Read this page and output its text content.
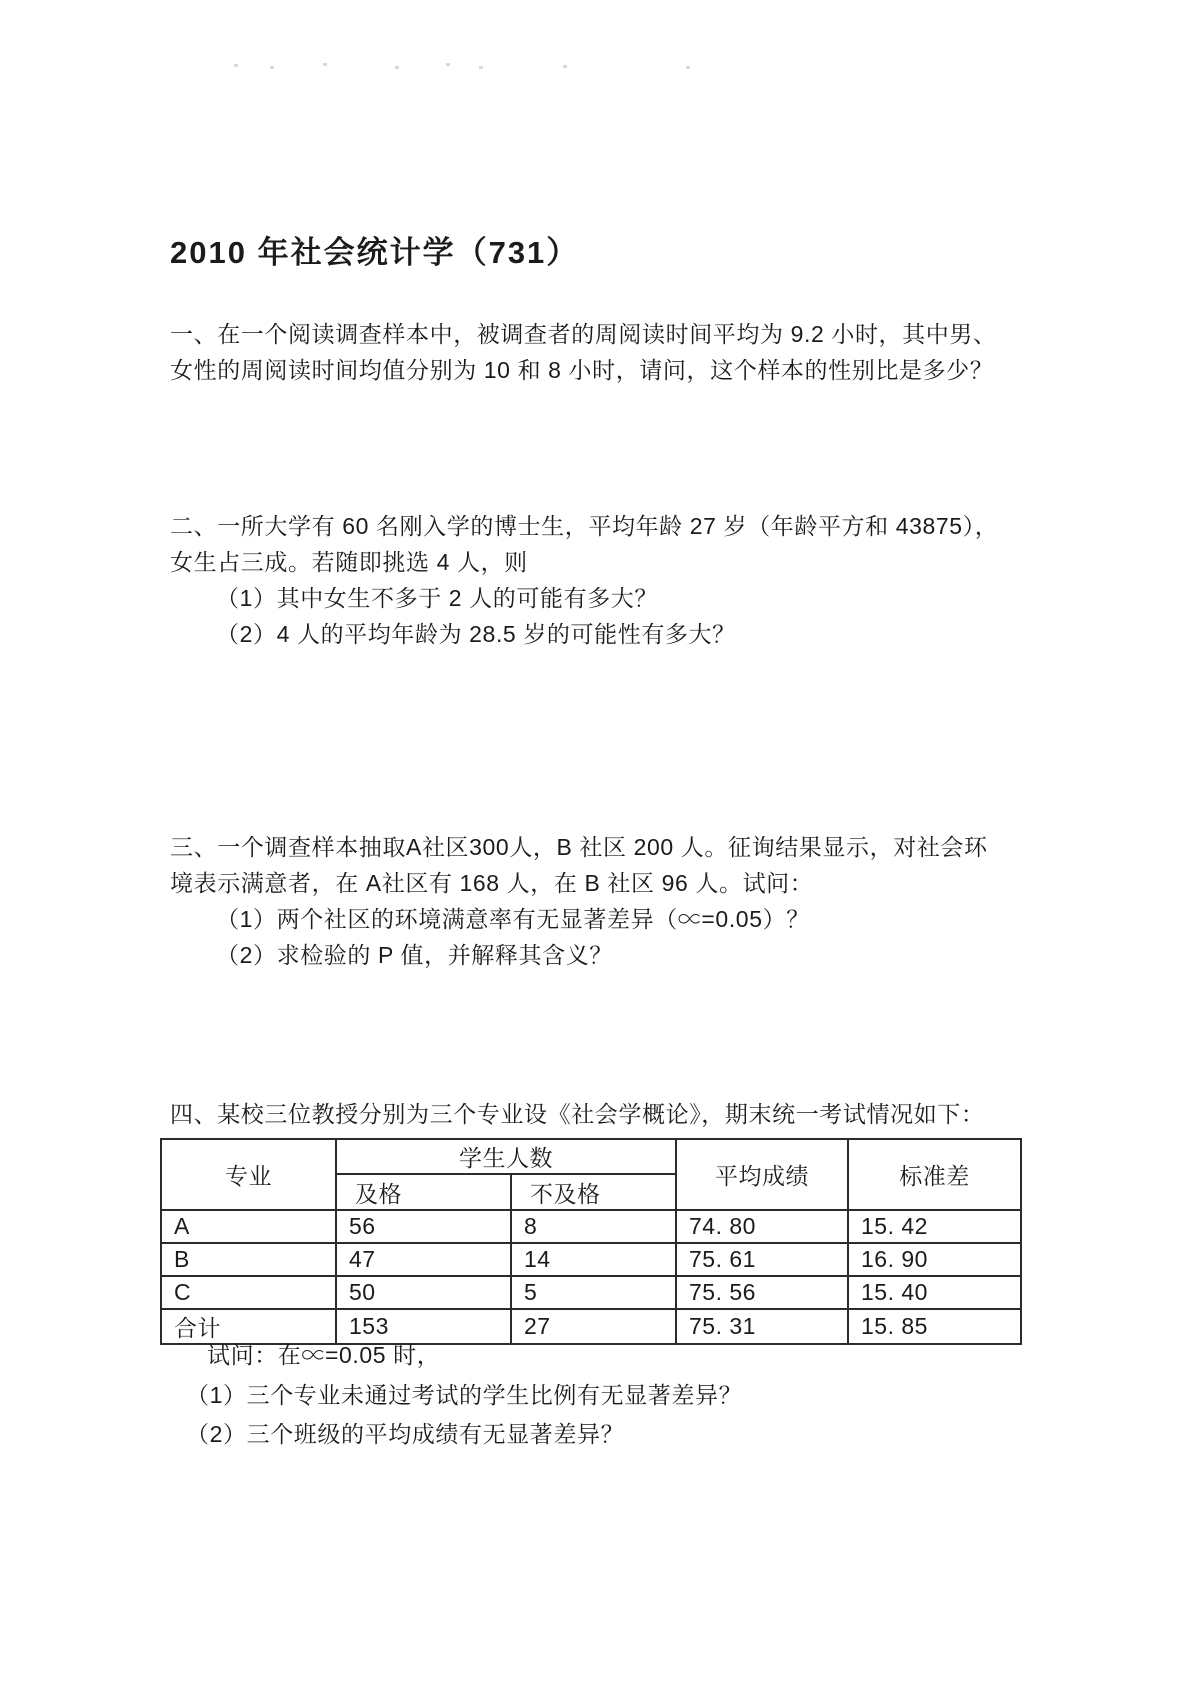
2010 年社会统计学（731）
一、在一个阅读调查样本中，被调查者的周阅读时间平均为 9.2 小时，其中男、
女性的周阅读时间均值分别为 10 和 8 小时，请问，这个样本的性别比是多少？
二、一所大学有 60 名刚入学的博士生，平均年龄 27 岁（年龄平方和 43875），
女生占三成。若随即挑选 4 人，则
（1）其中女生不多于 2 人的可能有多大？
（2）4 人的平均年龄为 28.5 岁的可能性有多大？
三、一个调查样本抽取A社区300人，B 社区 200 人。征询结果显示，对社会环
境表示满意者，在 A社区有 168 人，在 B 社区 96 人。试问：
（1）两个社区的环境满意率有无显著差异（∝=0.05）？
（2）求检验的 P 值，并解释其含义？
四、某校三位教授分别为三个专业设《社会学概论》，期末统一考试情况如下：
专业	学生人数		平均成绩	标准差
	及格	不及格		
A	56	8	74. 80	15. 42
B	47	14	75. 61	16. 90
C	50	5	75. 56	15. 40
合计	153	27	75. 31	15. 85
试问：在∝=0.05 时，
（1）三个专业未通过考试的学生比例有无显著差异？
（2）三个班级的平均成绩有无显著差异？
